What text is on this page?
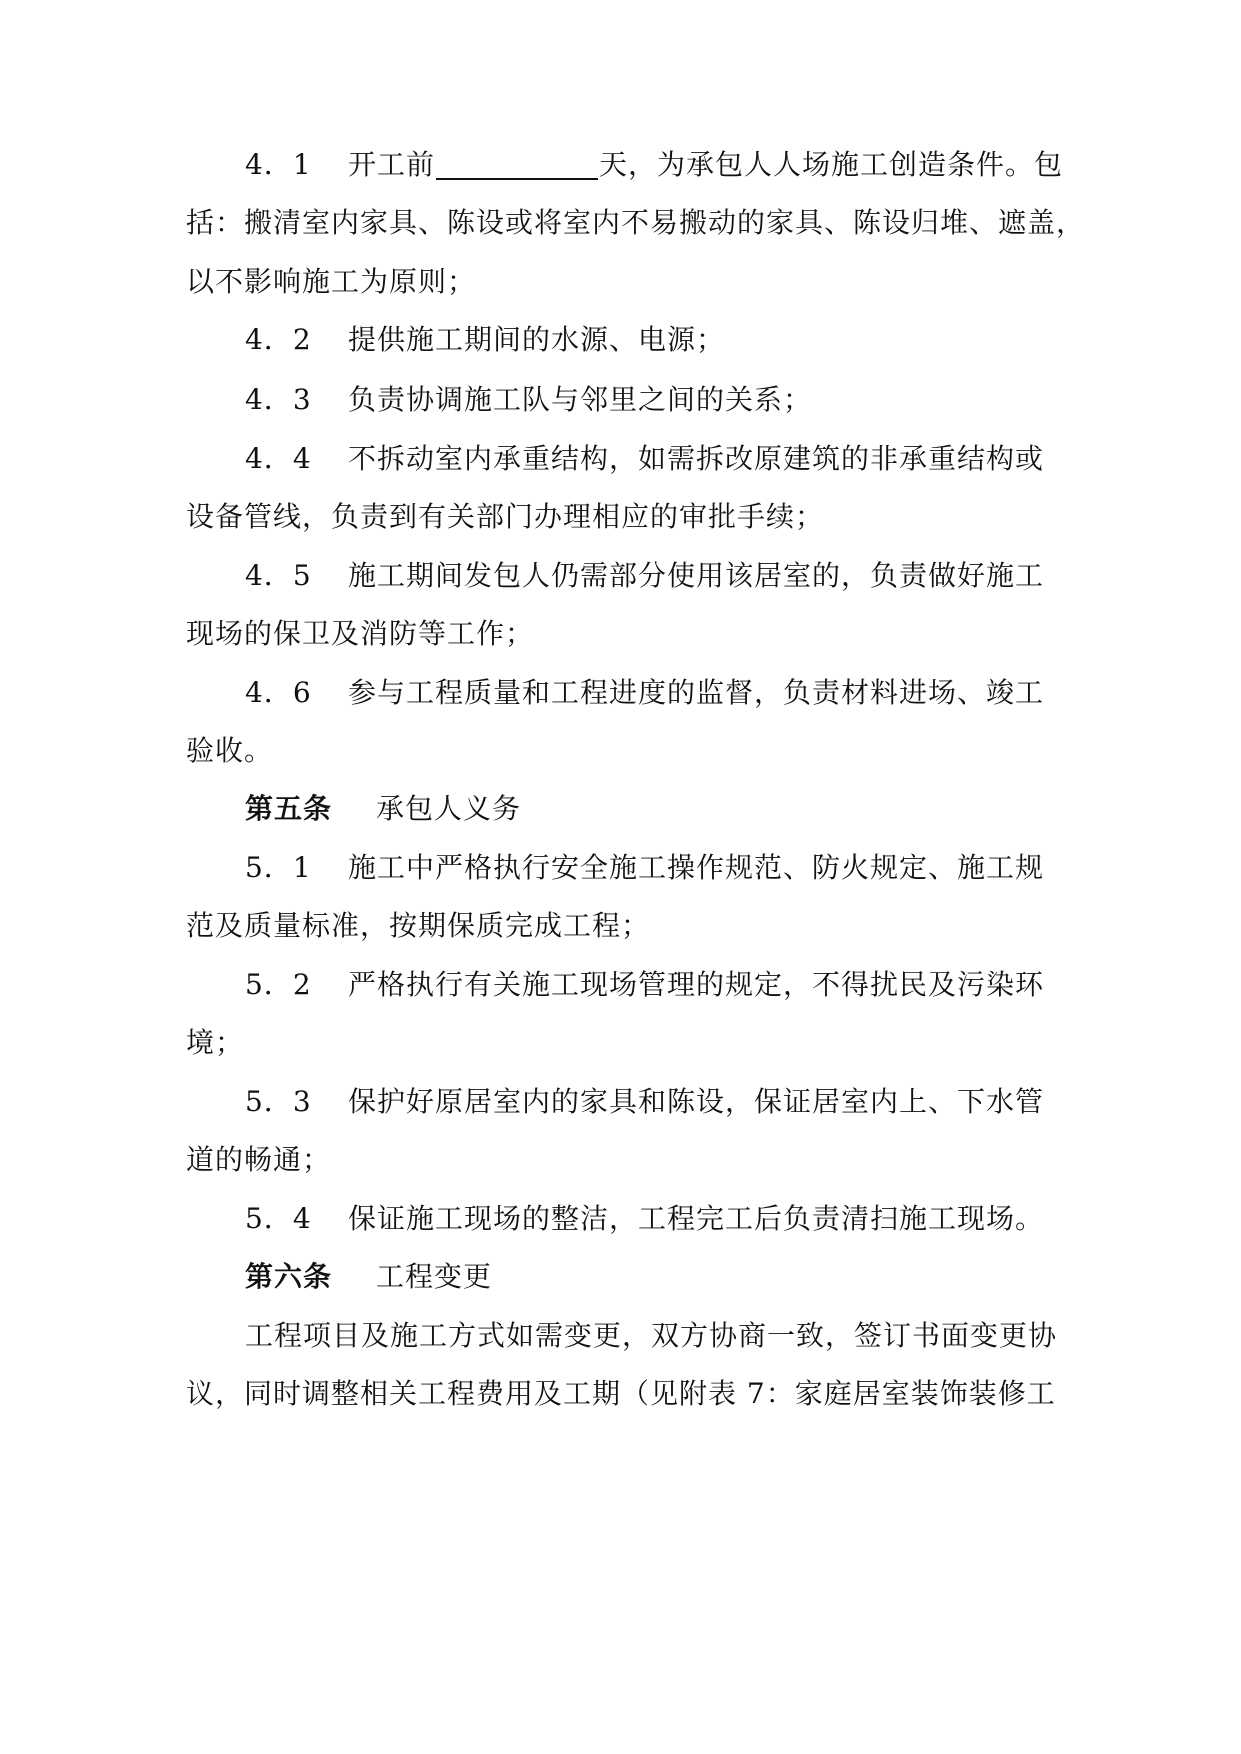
4．1 开工前	天，为承包人人场施工创造条件。包
括：搬清室内家具、陈设或将室内不易搬动的家具、陈设归堆、遮盖，
以不影响施工为原则；
4．2 提供施工期间的水源、电源；
4．3 负责协调施工队与邻里之间的关系；
4．4 不拆动室内承重结构，如需拆改原建筑的非承重结构或
设备管线，负责到有关部门办理相应的审批手续；
4．5 施工期间发包人仍需部分使用该居室的，负责做好施工
现场的保卫及消防等工作；
4．6 参与工程质量和工程进度的监督，负责材料进场、竣工
验收。
第五条 承包人义务
5．1 施工中严格执行安全施工操作规范、防火规定、施工规
范及质量标准，按期保质完成工程；
5．2 严格执行有关施工现场管理的规定，不得扰民及污染环
境；
5．3 保护好原居室内的家具和陈设，保证居室内上、下水管
道的畅通；
5．4 保证施工现场的整洁，工程完工后负责清扫施工现场。
第六条 工程变更
工程项目及施工方式如需变更，双方协商一致，签订书面变更协
议，同时调整相关工程费用及工期（见附表 7：家庭居室装饰装修工
